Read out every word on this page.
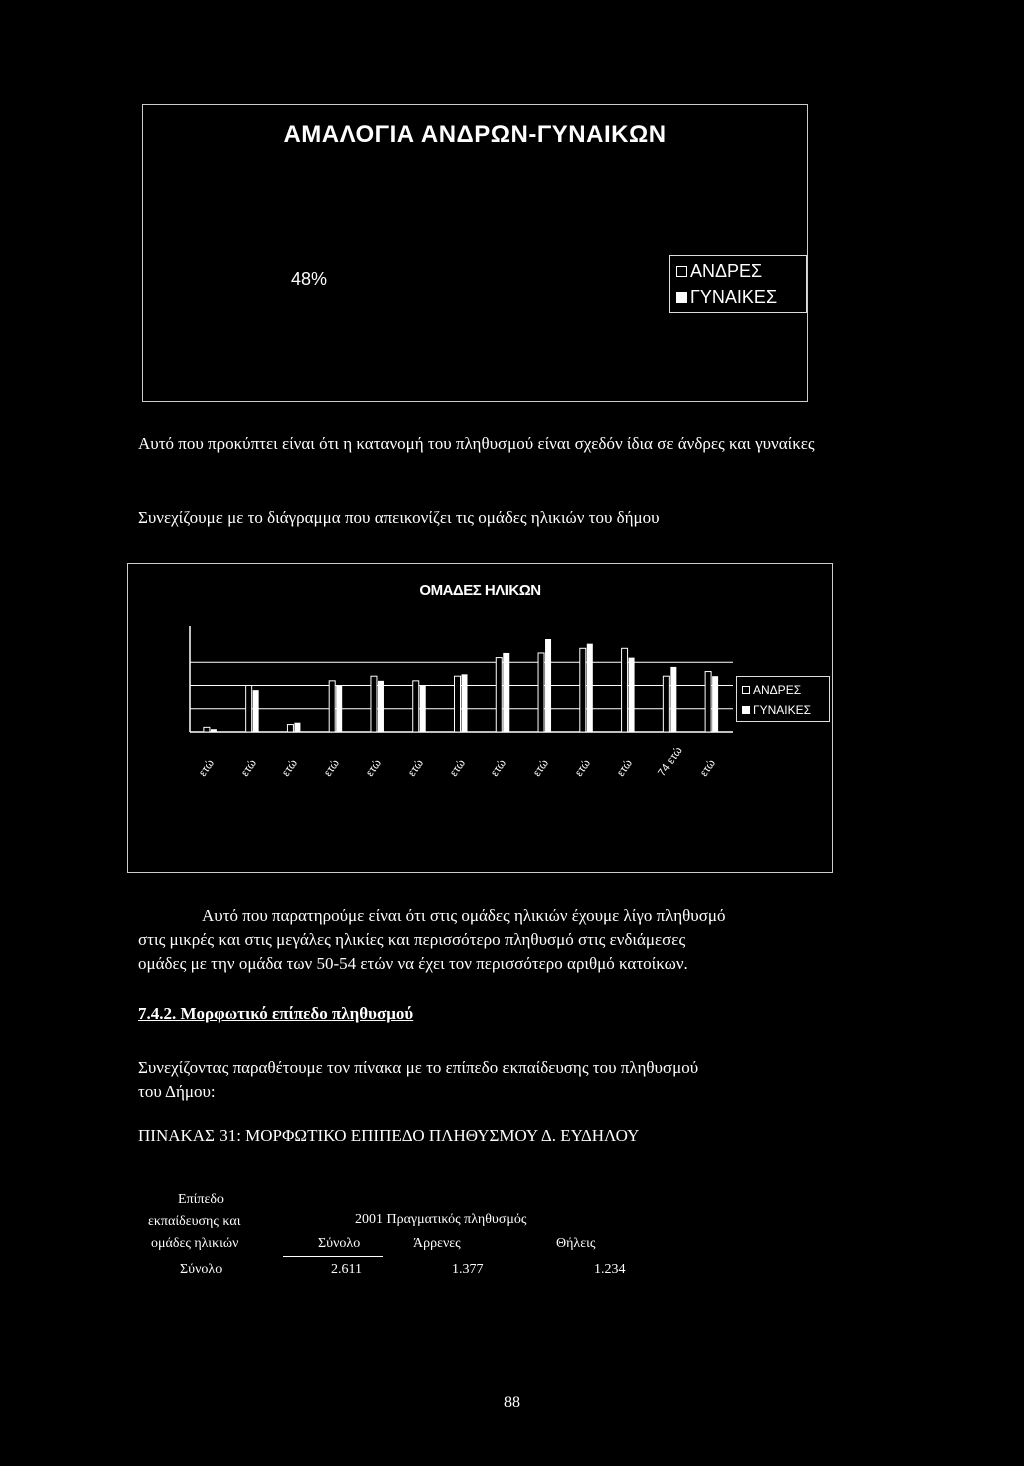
ΑΜΑΛΟΓΙΑ ΑΝΔΡΩΝ-ΓΥΝΑΙΚΩΝ
48%	ΑΝΔΡΕΣ
ΓΥΝΑΙΚΕΣ
Αυτό που προκύπτει είναι ότι η κατανομή του πληθυσμού είναι σχεδόν ίδια σε άνδρες και γυναίκες
Συνεχίζουμε με το διάγραμμα που απεικονίζει τις ομάδες ηλικιών του δήμου
ΟΜΑΔΕΣ ΗΛΙΚΩΝ
ΑΝΔΡΕΣ
ΓΥΝΑΙΚΕΣ
ετώ ετώ ετώ ετώ ετώ ετώ ετώ ετώ ετώ ετώ ετώ 74 ετώ ετώ
Αυτό που παρατηρούμε είναι ότι στις ομάδες ηλικιών έχουμε λίγο πληθυσμό
στις μικρές και στις μεγάλες ηλικίες και περισσότερο πληθυσμό στις ενδιάμεσες
ομάδες με την ομάδα των 50-54 ετών να έχει τον περισσότερο αριθμό κατοίκων.
7.4.2. Μορφωτικό επίπεδο πληθυσμού
Συνεχίζοντας παραθέτουμε τον πίνακα με το επίπεδο εκπαίδευσης του πληθυσμού
του Δήμου:
ΠΙΝΑΚΑΣ 31: ΜΟΡΦΩΤΙΚΟ ΕΠΙΠΕΔΟ ΠΛΗΘΥΣΜΟΥ Δ. ΕΥΔΗΛΟΥ
Επίπεδο
εκπαίδευσης και
ομάδες ηλικιών
2001 Πραγματικός πληθυσμός
Σύνολο	Άρρενες	Θήλεις
Σύνολο	2.611	1.377	1.234
88
